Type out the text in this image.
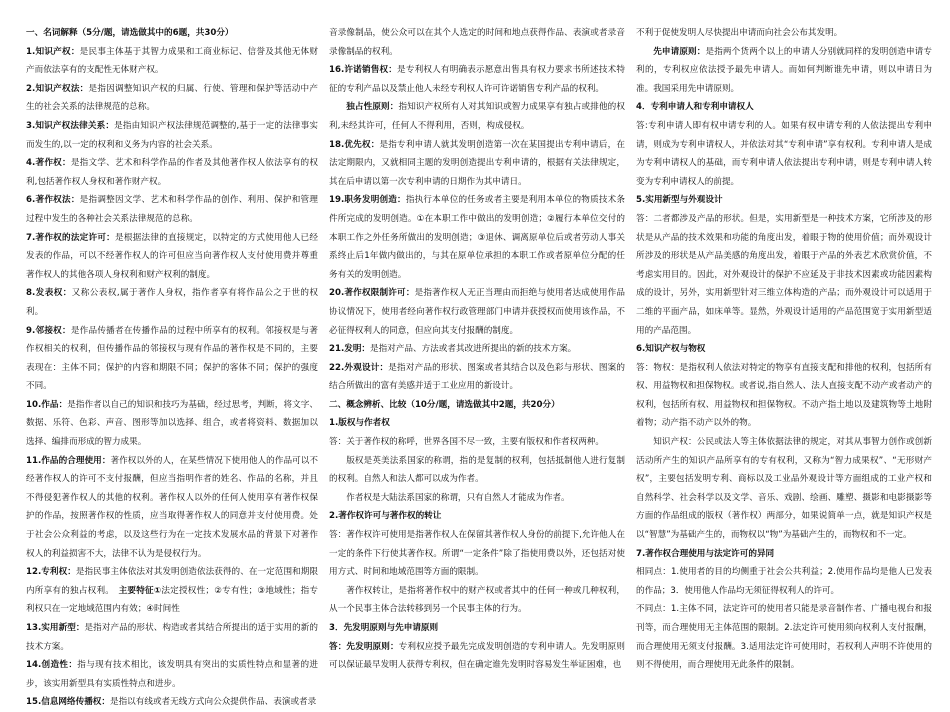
一、名词解释（5分/题，请选做其中的6题，共30分）

1.知识产权：是民事主体基于其智力成果和工商业标记、信誉及其他无体财产而依法享有的支配性无体财产权。

2.知识产权法：是指因调整知识产权的归属、行使、管理和保护等活动中产生的社会关系的法律规范的总称。

3.知识产权法律关系：是指由知识产权法律规范调整的,基于一定的法律事实而发生的,以一定的权利和义务为内容的社会关系。

4.著作权：是指文学、艺术和科学作品的作者及其他著作权人依法享有的权利,包括著作权人身权和著作财产权。

6.著作权法：是指调整因文学、艺术和科学作品的创作、利用、保护和管理过程中发生的各种社会关系法律规范的总称。

7.著作权的法定许可：是根据法律的直接规定，以特定的方式使用他人已经发表的作品，可以不经著作权人的许可但应当向著作权人支付使用费并尊重著作权人的其他各项人身权利和财产权利的制度。

8.发表权：又称公表权,属于著作人身权，指作者享有将作品公之于世的权利。

9.邻接权：是作品传播者在传播作品的过程中所享有的权利。邻接权是与著作权相关的权利，但传播作品的邻接权与现有作品的著作权是不同的，主要表现在：主体不同；保护的内容和期限不同；保护的客体不同；保护的强度不同。

10.作品：是指作者以自己的知识和技巧为基础，经过思考，判断，将文字、数据、乐符、色彩、声音、图形等加以选择、组合，或者将资料、数据加以选择、编排而形成的智力成果。

11.作品的合理使用：著作权以外的人，在某些情况下使用他人的作品可以不经著作权人的许可不支付报酬，但应当指明作者的姓名、作品的名称，并且不得侵犯著作权人的其他的权利。著作权人以外的任何人使用享有著作权保护的作品，按照著作权的性质，应当取得著作权人的同意并支付使用费。处于社会公众利益的考虑，以及这些行为在一定技术发展水品的背景下对著作权人的利益损害不大，法律不认为是侵权行为。

12.专利权：是指民事主体依法对其发明创造依法获得的、在一定范围和期限内所享有的独占权利。　 主要特征①法定授权性；②专有性；③地域性；指专利权只在一定地域范围内有效；④时间性

13.实用新型：是指对产品的形状、构造或者其结合所提出的适于实用的新的技术方案。

14.创造性：指与现有技术相比，该发明具有突出的实质性特点和显著的进步，该实用新型具有实质性特点和进步。

15.信息网络传播权：是指以有线或者无线方式向公众提供作品、表演或者录

音录像制品，使公众可以在其个人选定的时间和地点获得作品、表演或者录音录像制品的权利。

16.许诺销售权：是专利权人有明确表示愿意出售具有权力要求书所述技术特征的专利产品以及禁止他人未经专利权人许可许诺销售专利产品的权利。

独占性原则：指知识产权所有人对其知识或智力成果享有独占或排他的权利,未经其许可，任何人不得利用，否则，构成侵权。

18.优先权：是指专利申请人就其发明创造第一次在某国提出专利申请后，在法定期限内，又就相同主题的发明创造提出专利申请的，根据有关法律规定，其在后申请以第一次专利申请的日期作为其申请日。

19.职务发明创造：指执行本单位的任务或者主要是利用本单位的物质技术条件所完成的发明创造。①在本职工作中做出的发明创造；②履行本单位交付的本职工作之外任务所做出的发明创造；③退休、调离原单位后或者劳动人事关系终止后1年做内做出的，与其在原单位承担的本职工作或者原单位分配的任务有关的发明创造。

20.著作权限制许可：是指著作权人无正当理由而拒绝与使用者达成使用作品协议情况下，使用者经向著作权行政管理部门申请并获授权而使用该作品，不必征得权利人的同意，但应向其支付报酬的制度。

21.发明：是指对产品、方法或者其改进所提出的新的技术方案。

22.外观设计：是指对产品的形状、图案或者其结合以及色彩与形状、图案的结合所做出的富有美感并适于工业应用的新设计。

二、概念辨析、比较（10分/题，请选做其中2题，共20分）

1.版权与作者权

答：关于著作权的称呼，世界各国不尽一致，主要有版权和作者权两种。

版权是英美法系国家的称谓，指的是复制的权利，包括抵制他人进行复制的权利。自然人和法人都可以成为作者。

作者权是大陆法系国家的称谓，只有自然人才能成为作者。

2.著作权许可与著作权的转让

答：著作权许可使用是指著作权人在保留其著作权人身份的前提下,允许他人在一定的条件下行使其著作权。所谓“一定条件”除了指使用费以外，还包括对使用方式、时间和地域范围等方面的限制。

著作权转让，是指将著作权中的财产权或者其中的任何一种或几种权利，从一个民事主体合法转移到另一个民事主体的行为。

3．先发明原则与先申请原则

答：先发明原则：专利权应授予最先完成发明创造的专利申请人。先发明原则可以保证最早发明人获得专利权，但在确定谁先发明时容易发生举证困难，也

不利于促使发明人尽快提出申请而向社会公布其发明。

先申请原则：是指两个货两个以上的申请人分别就同样的发明创造申请专利的，专利权应依法授予最先申请人。而如何判断谁先申请，则以申请日为准。我国采用先申请原则。

4．专利申请人和专利申请权人

答:专利申请人即有权申请专利的人。如果有权申请专利的人依法提出专利申请，则成为专利申请权人，并依法对其“专利申请”享有权利。专利申请人是成为专利申请权人的基础，而专利申请人依法提出专利申请，则是专利申请人转变为专利申请权人的前提。

5.实用新型与外观设计

答：二者都涉及产品的形状。但是，实用新型是一种技术方案，它所涉及的形状是从产品的技术效果和功能的角度出发，着眼于物的使用价值；而外观设计所涉及的形状是从产品美感的角度出发，着眼于产品的外表艺术欣赏价值，不考虑实用目的。因此，对外观设计的保护不应延及于非技术因素或功能因素构成的设计，另外，实用新型针对三维立体构造的产品；而外观设计可以适用于二维的平面产品，如床单等。显然，外观设计适用的产品范围宽于实用新型适用的产品范围。

6.知识产权与物权

答：物权：是指权利人依法对特定的物享有直接支配和排他的权利，包括所有权、用益物权和担保物权。或者说,指自然人、法人直接支配不动产或者动产的权利，包括所有权、用益物权和担保物权。不动产指土地以及建筑物等土地附着物；动产指不动产以外的物。

知识产权：公民或法人等主体依据法律的规定，对其从事智力创作或创新活动所产生的知识产品所享有的专有权利，又称为“智力成果权”、“无形财产权”，主要包括发明专利、商标以及工业品外观设计等方面组成的工业产权和自然科学、社会科学以及文学、音乐、戏剧、绘画、雕塑、摄影和电影摄影等方面的作品组成的版权（著作权）两部分，如果说简单一点，就是知识产权是以“智慧”为基础产生的，而物权以“物”为基础产生的，而物权和不一定。

7.著作权合理使用与法定许可的异同

相同点：1.使用者的目的均侧重于社会公共利益；2.使用作品均是他人已发表的作品；3．使用他人作品均无须征得权利人的许可。

不同点：1.主体不同，法定许可的使用者只能是录音制作者、广播电视台和报刊等，而合理使用无主体范围的限制。2.法定许可使用须向权利人支付报酬，而合理使用无须支付报酬。3.适用法定许可使用时，若权利人声明不许使用的则不得使用，而合理使用无此条件的限制。
